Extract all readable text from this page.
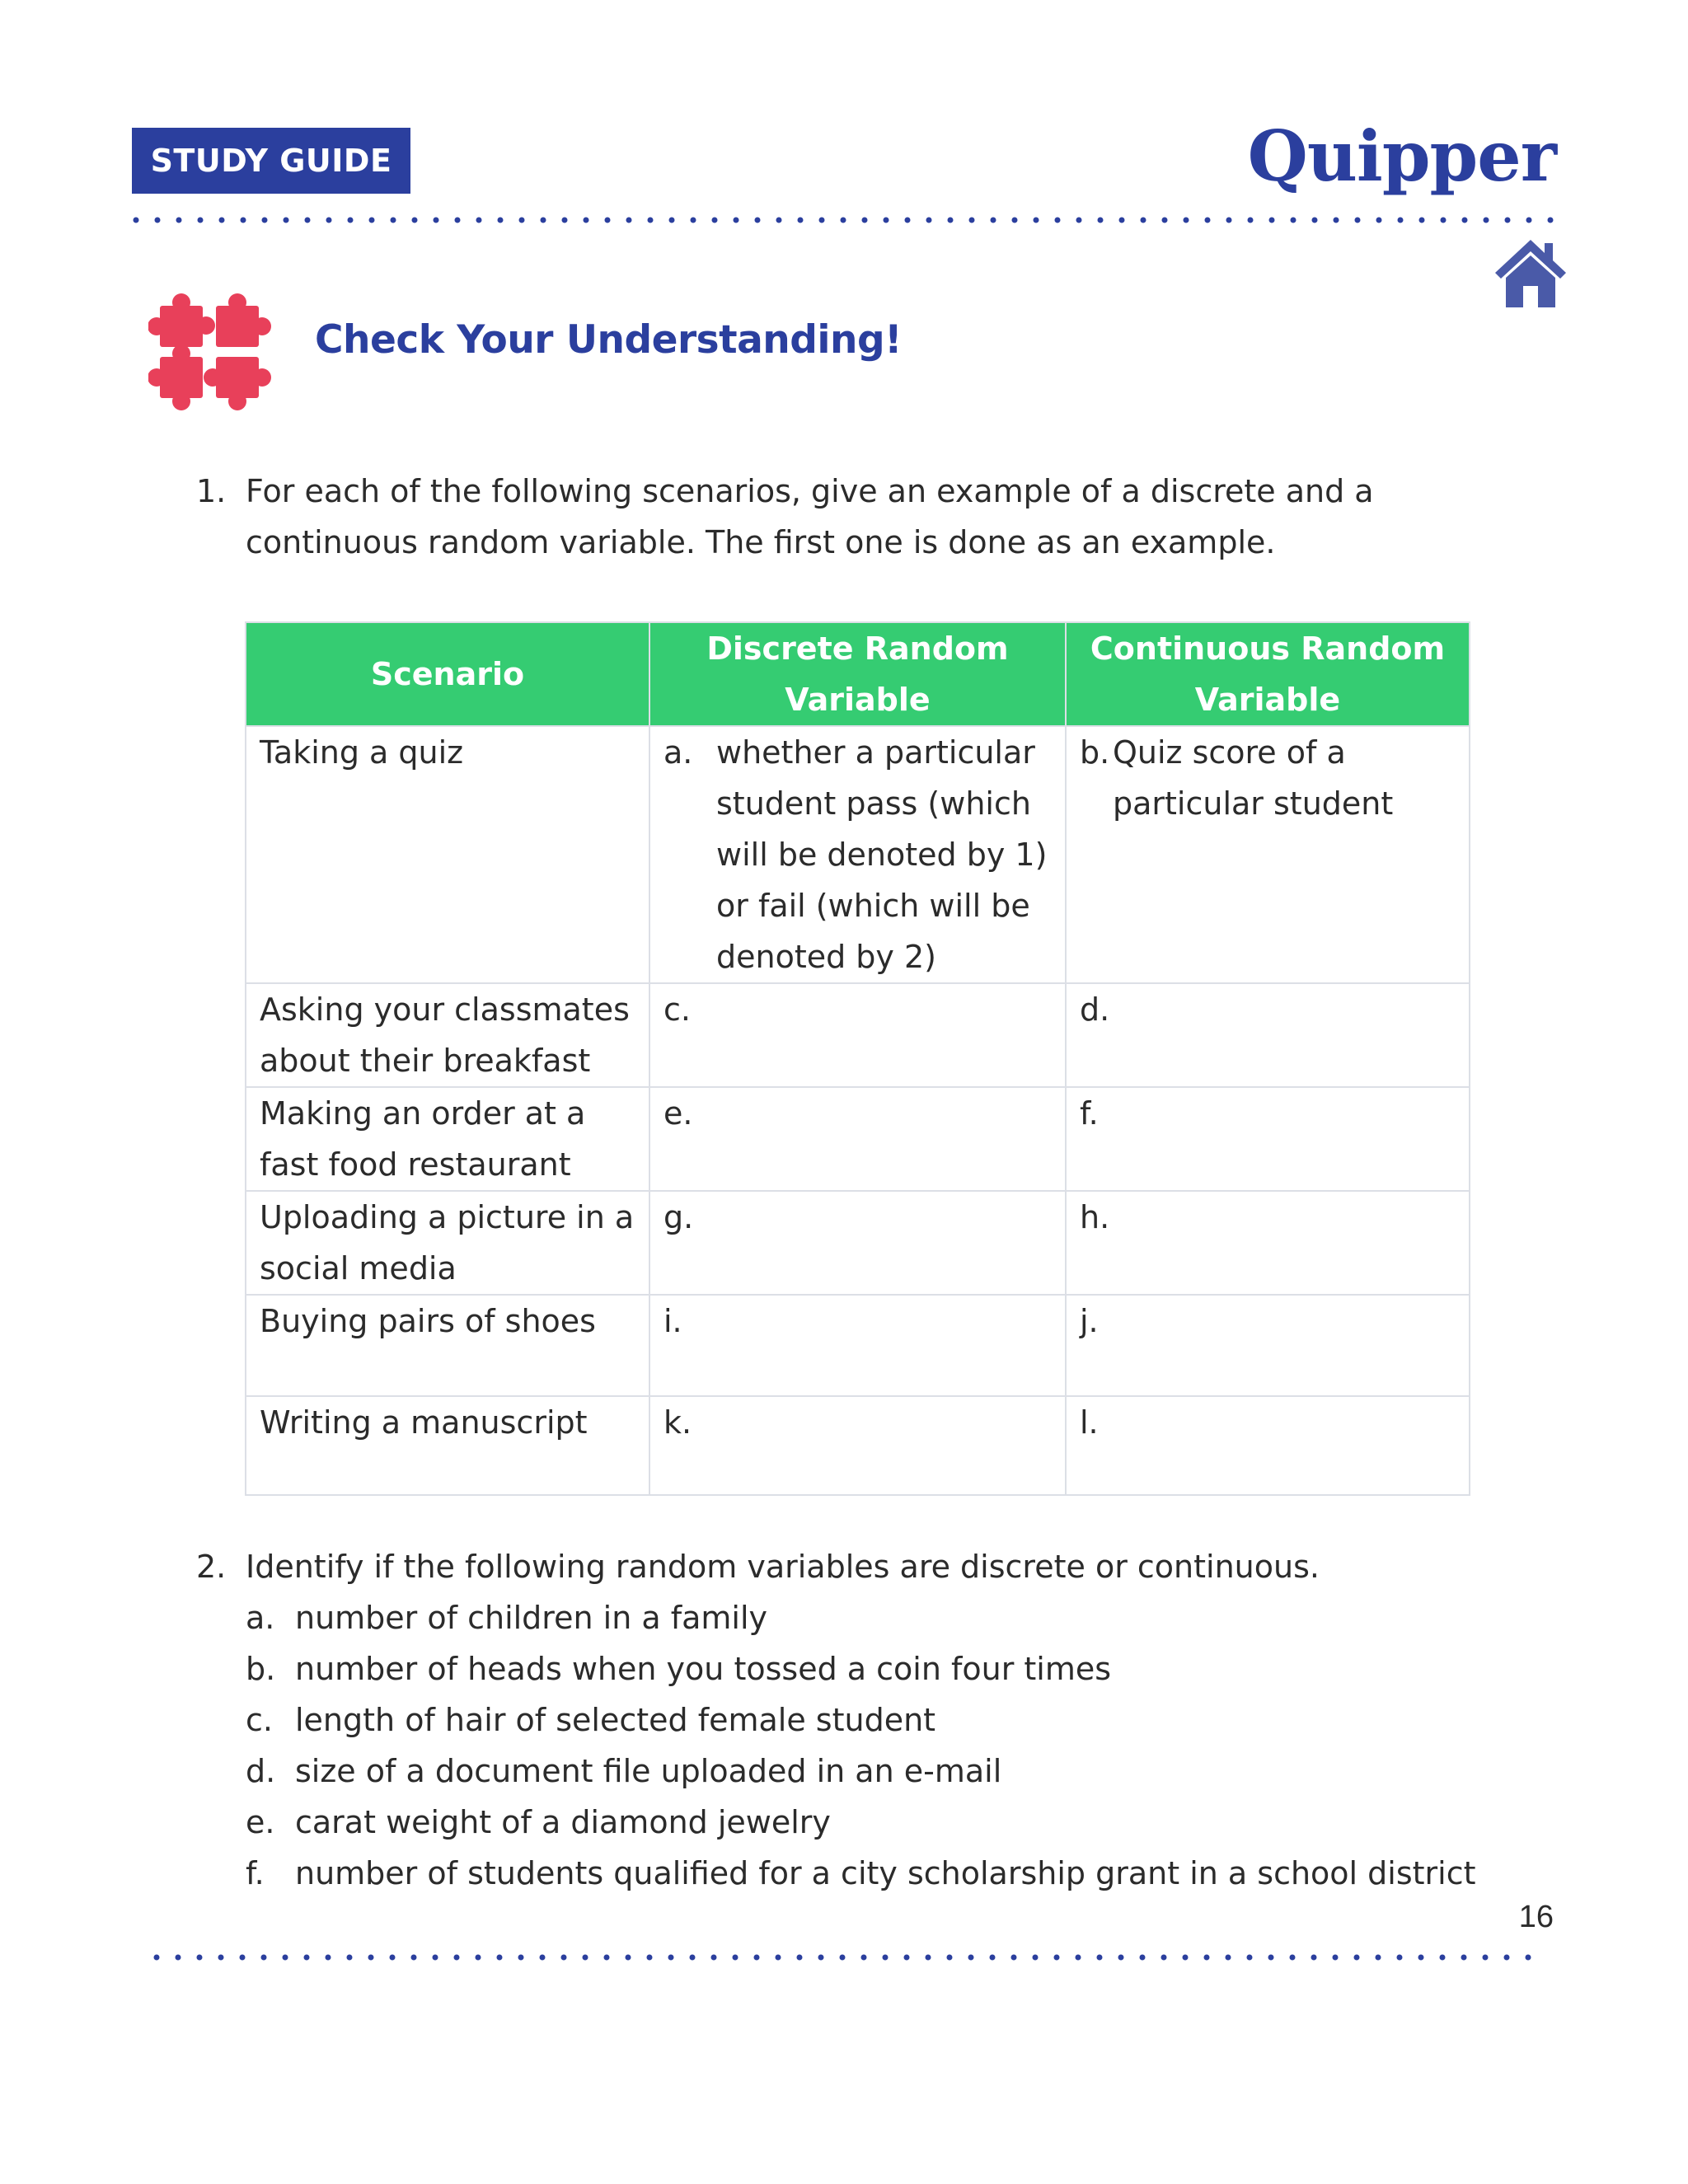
STUDY GUIDE	Quipper
Check Your Understanding!
1. For each of the following scenarios, give an example of a discrete and a continuous random variable. The first one is done as an example.
Scenario	Discrete Random Variable	Continuous Random Variable
Taking a quiz	a. whether a particular student pass (which will be denoted by 1) or fail (which will be denoted by 2)	b. Quiz score of a particular student

Asking your classmates about their breakfast	c.	d.

Making an order at a fast food restaurant	e.	f.

Uploading a picture in a social media	g.	h.

Buying pairs of shoes	i.	j.

Writing a manuscript	k.	l.
2. Identify if the following random variables are discrete or continuous.
a. number of children in a family
b. number of heads when you tossed a coin four times
c. length of hair of selected female student
d. size of a document file uploaded in an e-mail
e. carat weight of a diamond jewelry
f. number of students qualified for a city scholarship grant in a school district
16
